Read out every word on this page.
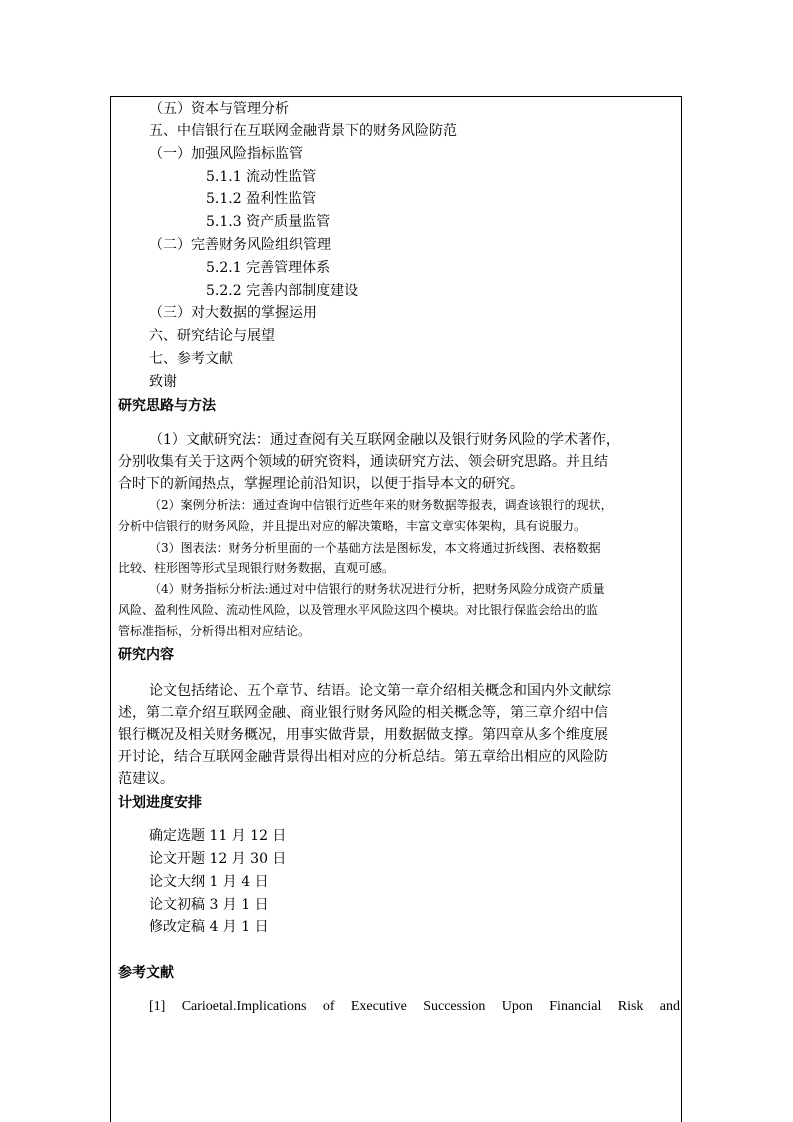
（五）资本与管理分析
五、中信银行在互联网金融背景下的财务风险防范
（一）加强风险指标监管
5.1.1 流动性监管
5.1.2 盈利性监管
5.1.3 资产质量监管
（二）完善财务风险组织管理
5.2.1 完善管理体系
5.2.2 完善内部制度建设
（三）对大数据的掌握运用
六、研究结论与展望
七、参考文献
致谢
研究思路与方法
（1）文献研究法：通过查阅有关互联网金融以及银行财务风险的学术著作，
分别收集有关于这两个领域的研究资料，通读研究方法、领会研究思路。并且结
合时下的新闻热点，掌握理论前沿知识，以便于指导本文的研究。
（2）案例分析法：通过查询中信银行近些年来的财务数据等报表，调查该银行的现状，
分析中信银行的财务风险，并且提出对应的解决策略，丰富文章实体架构，具有说服力。
（3）图表法：财务分析里面的一个基础方法是图标发，本文将通过折线图、表格数据
比较、柱形图等形式呈现银行财务数据，直观可感。
（4）财务指标分析法:通过对中信银行的财务状况进行分析，把财务风险分成资产质量
风险、盈利性风险、流动性风险，以及管理水平风险这四个模块。对比银行保监会给出的监
管标准指标，分析得出相对应结论。
研究内容
论文包括绪论、五个章节、结语。论文第一章介绍相关概念和国内外文献综
述，第二章介绍互联网金融、商业银行财务风险的相关概念等，第三章介绍中信
银行概况及相关财务概况，用事实做背景，用数据做支撑。第四章从多个维度展
开讨论，结合互联网金融背景得出相对应的分析总结。第五章给出相应的风险防
范建议。
计划进度安排
确定选题 11 月 12 日
论文开题 12 月 30 日
论文大纲 1 月 4 日
论文初稿 3 月 1 日
修改定稿 4 月 1 日
参考文献
[1] Carioetal.Implications of Executive Succession Upon Financial Risk and
